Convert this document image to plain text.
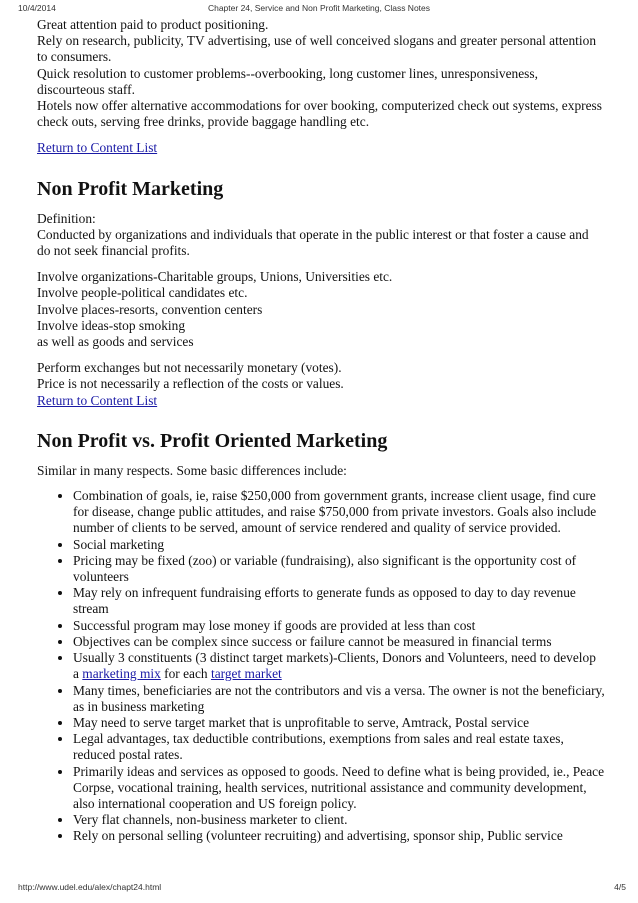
10/4/2014	Chapter 24, Service and Non Profit Marketing, Class Notes

Great attention paid to product positioning.

Rely on research, publicity, TV advertising, use of well conceived slogans and greater personal attention to consumers.

Quick resolution to customer problems--overbooking, long customer lines, unresponsiveness, discourteous staff.

Hotels now offer alternative accommodations for over booking, computerized check out systems, express check outs, serving free drinks, provide baggage handling etc.

Return to Content List

Non Profit Marketing

Definition:

Conducted by organizations and individuals that operate in the public interest or that foster a cause and do not seek financial profits.

Involve organizations-Charitable groups, Unions, Universities etc.

Involve people-political candidates etc.

Involve places-resorts, convention centers

Involve ideas-stop smoking

as well as goods and services

Perform exchanges but not necessarily monetary (votes).

Price is not necessarily a reflection of the costs or values.

Return to Content List

Non Profit vs. Profit Oriented Marketing

Similar in many respects. Some basic differences include:

• Combination of goals, ie, raise $250,000 from government grants, increase client usage, find cure for disease, change public attitudes, and raise $750,000 from private investors. Goals also include number of clients to be served, amount of service rendered and quality of service provided.
• Social marketing
• Pricing may be fixed (zoo) or variable (fundraising), also significant is the opportunity cost of volunteers
• May rely on infrequent fundraising efforts to generate funds as opposed to day to day revenue stream
• Successful program may lose money if goods are provided at less than cost
• Objectives can be complex since success or failure cannot be measured in financial terms
• Usually 3 constituents (3 distinct target markets)-Clients, Donors and Volunteers, need to develop a marketing mix for each target market
• Many times, beneficiaries are not the contributors and vis a versa. The owner is not the beneficiary, as in business marketing
• May need to serve target market that is unprofitable to serve, Amtrack, Postal service
• Legal advantages, tax deductible contributions, exemptions from sales and real estate taxes, reduced postal rates.
• Primarily ideas and services as opposed to goods. Need to define what is being provided, ie., Peace Corpse, vocational training, health services, nutritional assistance and community development, also international cooperation and US foreign policy.
• Very flat channels, non-business marketer to client.
• Rely on personal selling (volunteer recruiting) and advertising, sponsor ship, Public service
http://www.udel.edu/alex/chapt24.html	4/5
